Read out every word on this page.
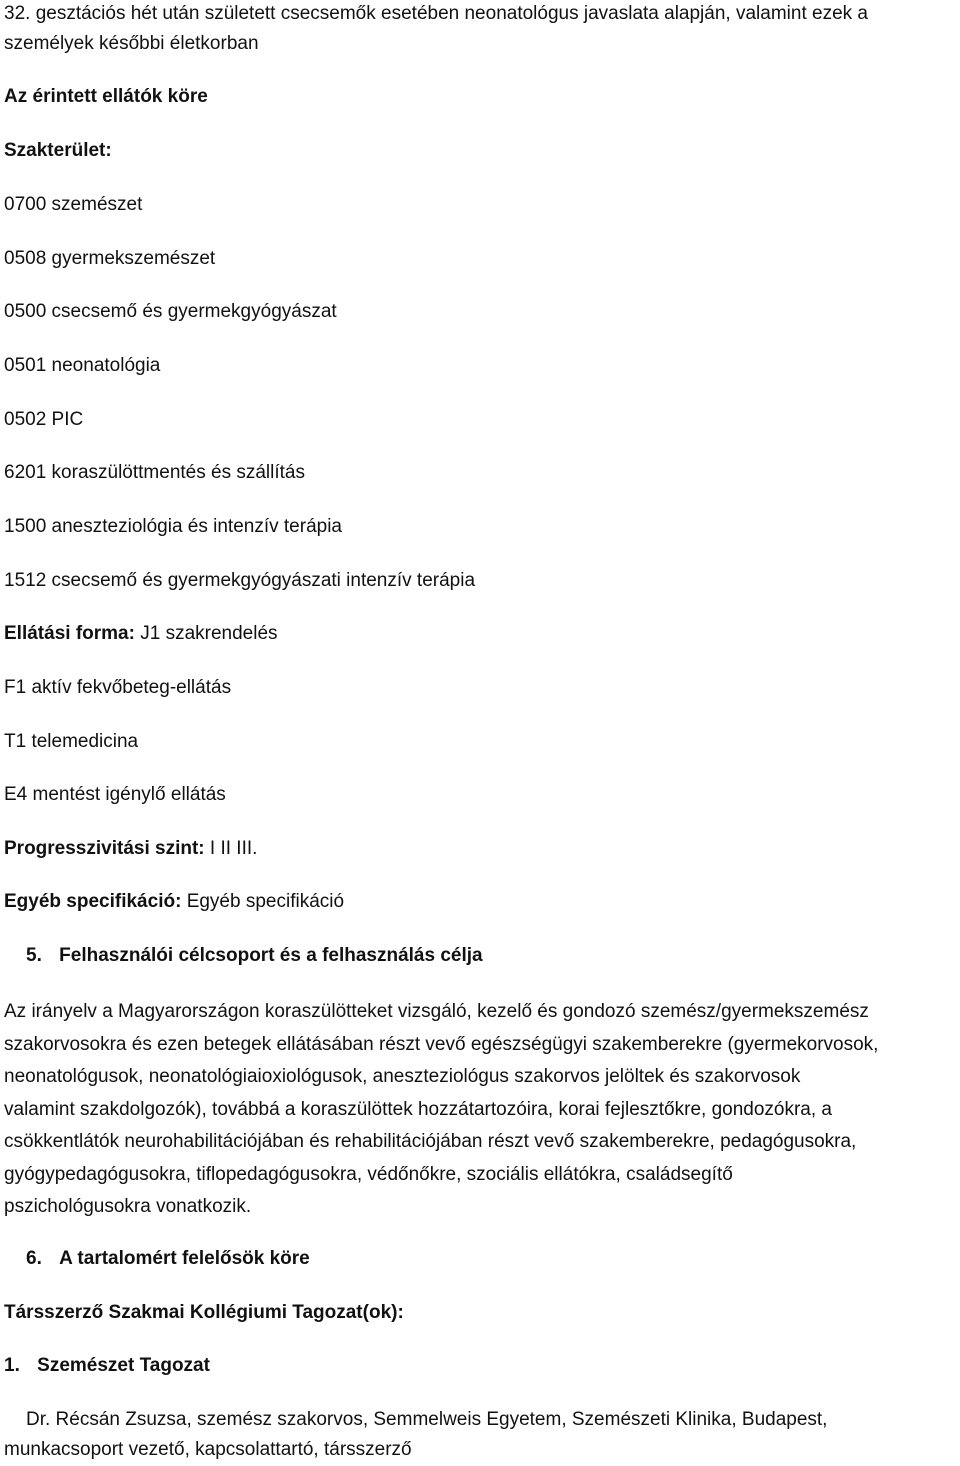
32. gesztációs hét után született csecsemők esetében neonatológus javaslata alapján, valamint ezek a
személyek későbbi életkorban
Az érintett ellátók köre
Szakterület:
0700 szemészet
0508 gyermekszemészet
0500 csecsemő és gyermekgyógyászat
0501 neonatológia
0502 PIC
6201 koraszülöttmentés és szállítás
1500 aneszteziológia és intenzív terápia
1512 csecsemő és gyermekgyógyászati intenzív terápia
Ellátási forma: J1 szakrendelés
F1 aktív fekvőbeteg-ellátás
T1 telemedicina
E4 mentést igénylő ellátás
Progresszivitási szint: I II III.
Egyéb specifikáció: Egyéb specifikáció
5. Felhasználói célcsoport és a felhasználás célja
Az irányelv a Magyarországon koraszülötteket vizsgáló, kezelő és gondozó szemész/gyermekszemész
szakorvosokra és ezen betegek ellátásában részt vevő egészségügyi szakemberekre (gyermekorvosok,
neonatológusok, neonatológiaioxiológusok, aneszteziológus szakorvos jelöltek és szakorvosok
valamint szakdolgozók), továbbá a koraszülöttek hozzátartozóira, korai fejlesztőkre, gondozókra, a
csökkentlátók neurohabilitációjában és rehabilitációjában részt vevő szakemberekre, pedagógusokra,
gyógypedagógusokra, tiflopedagógusokra, védőnőkre, szociális ellátókra, családsegítő
pszichológusokra vonatkozik.
6. A tartalomért felelősök köre
Társszerző Szakmai Kollégiumi Tagozat(ok):
1. Szemészet Tagozat
Dr. Récsán Zsuzsa, szemész szakorvos, Semmelweis Egyetem, Szemészeti Klinika, Budapest,
munkacsoport vezető, kapcsolattartó, társszerző
